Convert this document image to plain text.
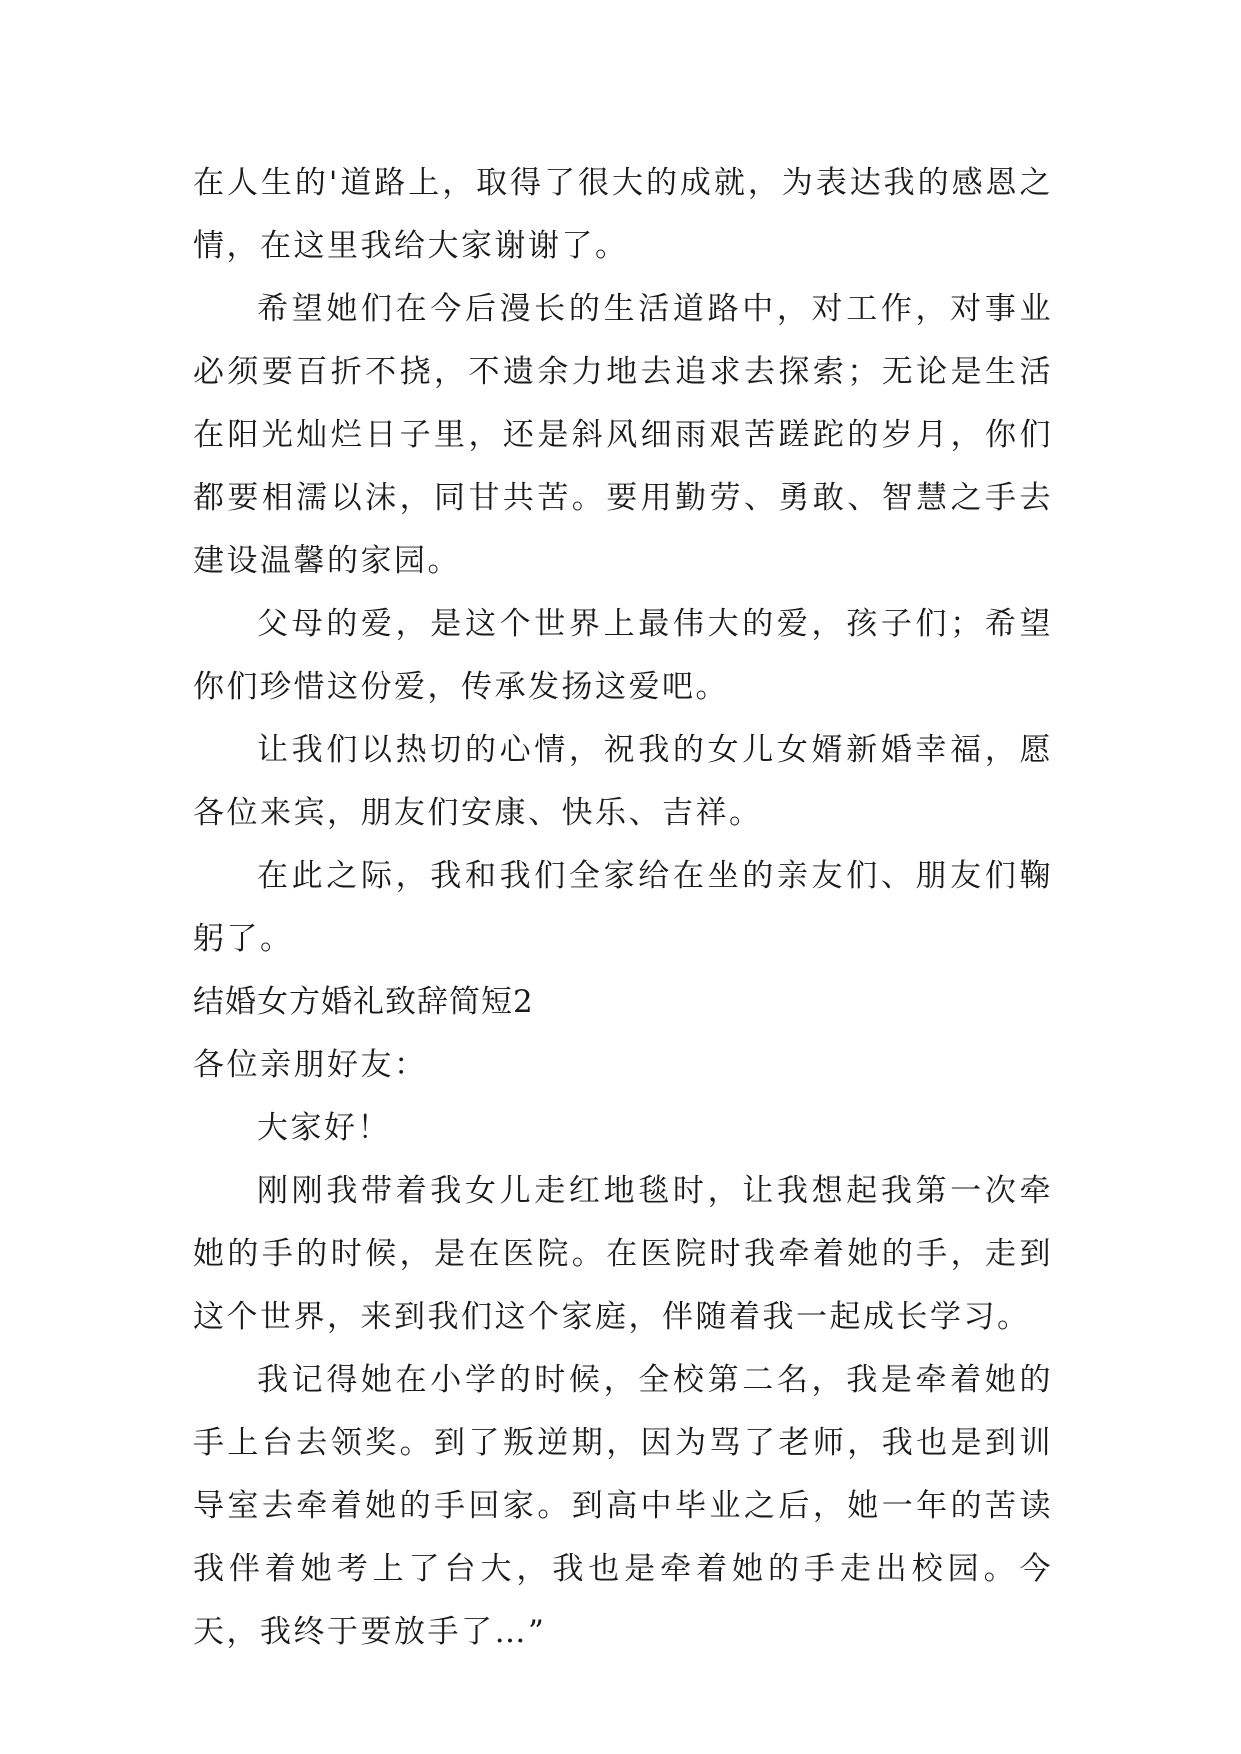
在人生的'道路上，取得了很大的成就，为表达我的感恩之情，在这里我给大家谢谢了。

希望她们在今后漫长的生活道路中，对工作，对事业必须要百折不挠，不遗余力地去追求去探索；无论是生活在阳光灿烂日子里，还是斜风细雨艰苦蹉跎的岁月，你们都要相濡以沫，同甘共苦。要用勤劳、勇敢、智慧之手去建设温馨的家园。

父母的爱，是这个世界上最伟大的爱，孩子们；希望你们珍惜这份爱，传承发扬这爱吧。

让我们以热切的心情，祝我的女儿女婿新婚幸福，愿各位来宾，朋友们安康、快乐、吉祥。

在此之际，我和我们全家给在坐的亲友们、朋友们鞠躬了。

结婚女方婚礼致辞简短2

各位亲朋好友：

大家好！

刚刚我带着我女儿走红地毯时，让我想起我第一次牵她的手的时候，是在医院。在医院时我牵着她的手，走到这个世界，来到我们这个家庭，伴随着我一起成长学习。

我记得她在小学的时候，全校第二名，我是牵着她的手上台去领奖。到了叛逆期，因为骂了老师，我也是到训导室去牵着她的手回家。到高中毕业之后，她一年的苦读我伴着她考上了台大，我也是牵着她的手走出校园。今天，我终于要放手了…”
